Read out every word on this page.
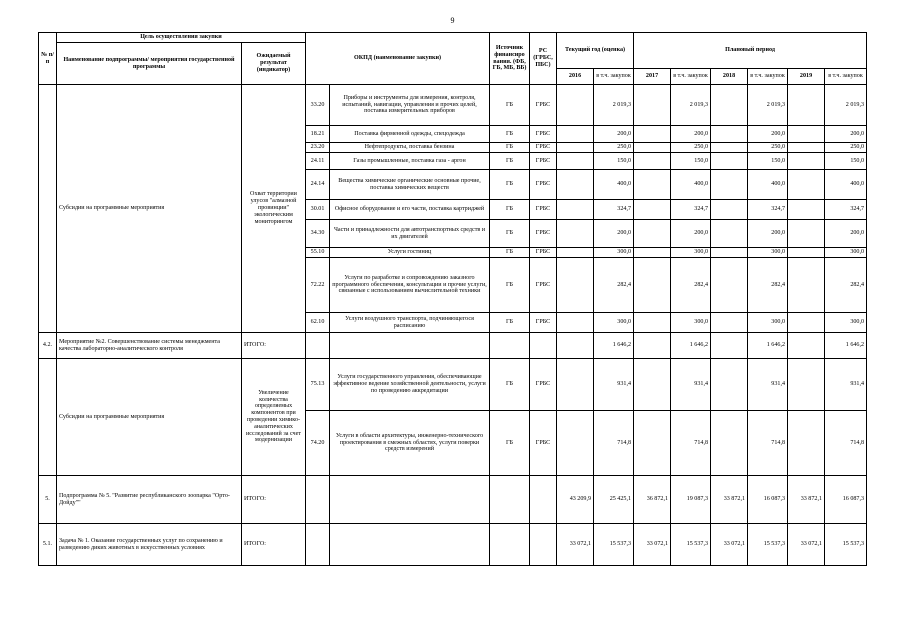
9
№ п/п	Цель осуществления закупки		ОКПД (наименование закупки)		Источник финансиро вания. (ФБ, ГБ, МБ, ВБ)	РС (ГРБС, ПБС)	Текущий год (оценка)		Плановый период					
	Наименование подпрограммы/ мероприятия государственной программы	Ожидаемый результат (индикатор)												
							2016	в т.ч. закупок	2017	в т.ч. закупок	2018	в т.ч. закупок	2019	в т.ч. закупок
	Субсидии на программные мероприятия	Охват территории улусов "алмазной провинции" экологическим мониторингом	33.20	Приборы и инструменты для измерения, контроля, испытаний, навигации, управления и прочих целей, поставка измерительных приборов	ГБ	ГРБС		2 019,3		2 019,3		2 019,3		2 019,3
			18.21	Поставка фирменной одежды, спецодежда	ГБ	ГРБС		200,0		200,0		200,0		200,0
			23.20	Нефтепродукты, поставка бензина	ГБ	ГРБС		250,0		250,0		250,0		250,0
			24.11	Газы промышленные, поставка газа - аргон	ГБ	ГРБС		150,0		150,0		150,0		150,0
			24.14	Вещества химические органические основные прочие, поставка химических веществ	ГБ	ГРБС		400,0		400,0		400,0		400,0
			30.01	Офисное оборудование и его части, поставка картриджей	ГБ	ГРБС		324,7		324,7		324,7		324,7
			34.30	Части и принадлежности для автотранспортных средств и их двигателей	ГБ	ГРБС		200,0		200,0		200,0		200,0
			55.10	Услуги гостиниц	ГБ	ГРБС		300,0		300,0		300,0		300,0
			72.22	Услуги по разработке и сопровождению заказного программного обеспечения, консультации и прочие услуги, связанные с использованием вычислительной техники	ГБ	ГРБС		282,4		282,4		282,4		282,4
			62.10	Услуги воздушного транспорта, подчиняющегося расписанию	ГБ	ГРБС		300,0		300,0		300,0		300,0
4.2.	Мероприятие №2. Совершенствование системы менеджмента качества лабораторно-аналитического контроля	ИТОГО:						1 646,2		1 646,2		1 646,2		1 646,2
	Субсидии на программные мероприятия	Увеличение количества определяемых компонентов при проведении химико-аналитических исследований за счет модернизации	75.13	Услуги государственного управления, обеспечивающие эффективное ведение хозяйственной деятельности, услуги по проведению аккредитации	ГБ	ГРБС		931,4		931,4		931,4		931,4
			74.20	Услуги в области архитектуры, инженерно-технического проектирования в смежных областях, услуги поверки средств измерений	ГБ	ГРБС		714,8		714,8		714,8		714,8
5.	Подпрограмма № 5. "Развитие республиканского зоопарка "Орто-Дойду""	ИТОГО:					43 209,9	25 425,1	36 872,1	19 087,3	33 872,1	16 087,3	33 872,1	16 087,3
5.1.	Задача № 1. Оказание государственных услуг по сохранению и разведению диких животных в искусственных условиях	ИТОГО:					33 072,1	15 537,3	33 072,1	15 537,3	33 072,1	15 537,3	33 072,1	15 537,3
